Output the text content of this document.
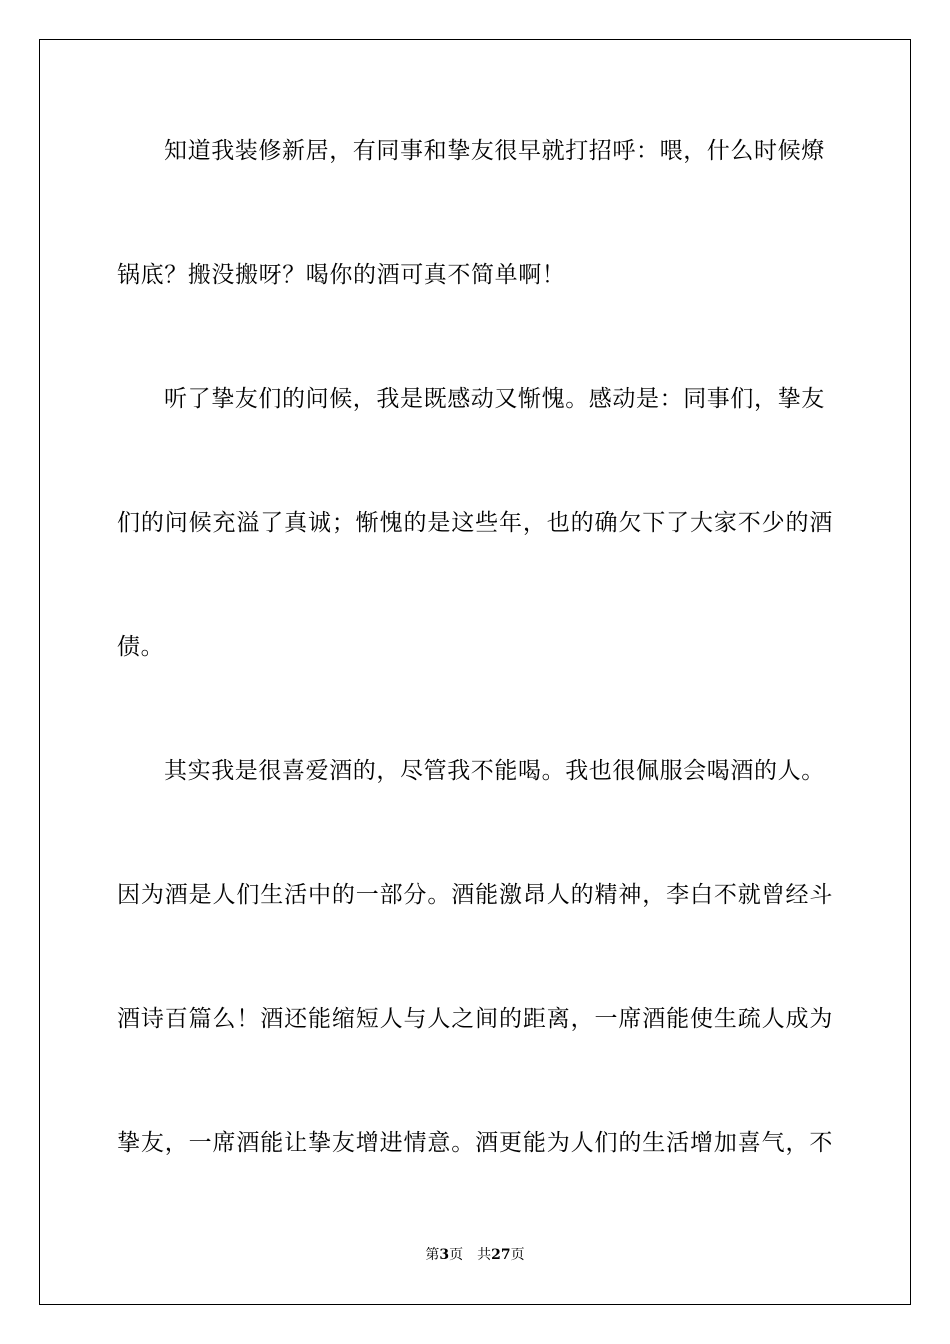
知道我装修新居，有同事和挚友很早就打招呼：喂，什么时候燎
锅底？搬没搬呀？喝你的酒可真不简单啊！
听了挚友们的问候，我是既感动又惭愧。感动是：同事们，挚友
们的问候充溢了真诚；惭愧的是这些年，也的确欠下了大家不少的酒
债。
其实我是很喜爱酒的，尽管我不能喝。我也很佩服会喝酒的人。
因为酒是人们生活中的一部分。酒能激昂人的精神，李白不就曾经斗
酒诗百篇么！酒还能缩短人与人之间的距离，一席酒能使生疏人成为
挚友，一席酒能让挚友增进情意。酒更能为人们的生活增加喜气，不
第3页 共27页
